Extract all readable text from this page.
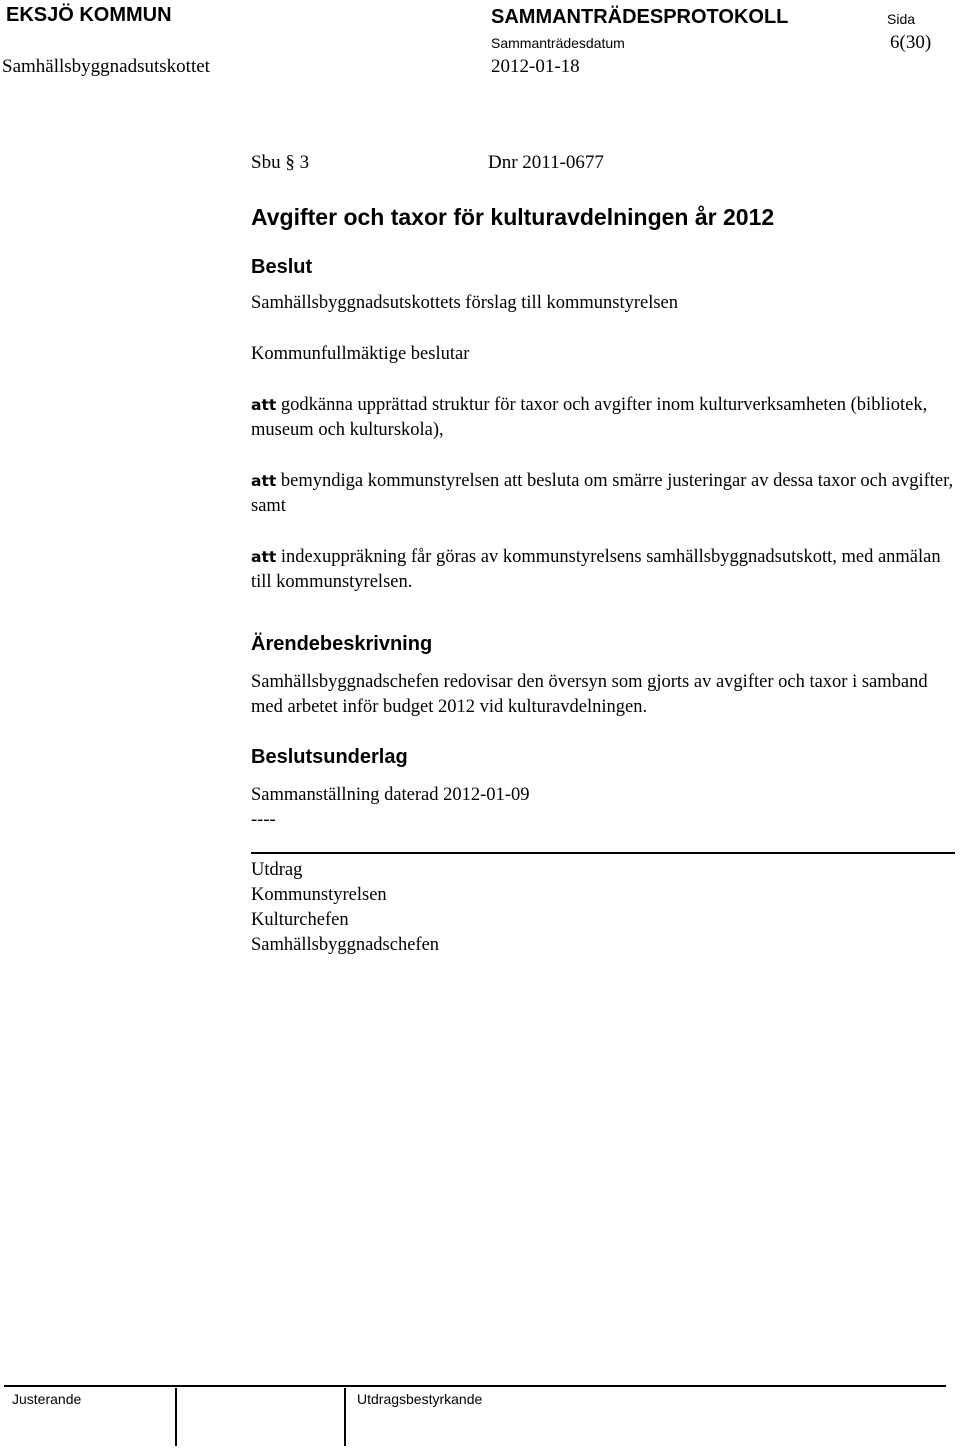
EKSJÖ KOMMUN	SAMMANTRÄDESPROTOKOLL	Sida
Sammanträdesdatum	6(30)
Samhällsbyggnadsutskottet	2012-01-18
Sbu § 3	Dnr 2011-0677
Avgifter och taxor för kulturavdelningen år 2012
Beslut
Samhällsbyggnadsutskottets förslag till kommunstyrelsen
Kommunfullmäktige beslutar
att godkänna upprättad struktur för taxor och avgifter inom kulturverksamheten (bibliotek, museum och kulturskola),
att bemyndiga kommunstyrelsen att besluta om smärre justeringar av dessa taxor och avgifter, samt
att indexuppräkning får göras av kommunstyrelsens samhällsbyggnadsutskott, med anmälan till kommunstyrelsen.
Ärendebeskrivning
Samhällsbyggnadschefen redovisar den översyn som gjorts av avgifter och taxor i samband med arbetet inför budget 2012 vid kulturavdelningen.
Beslutsunderlag
Sammanställning daterad 2012-01-09
----
Utdrag
Kommunstyrelsen
Kulturchefen
Samhällsbyggnadschefen
Justerande	Utdragsbestyrkande
